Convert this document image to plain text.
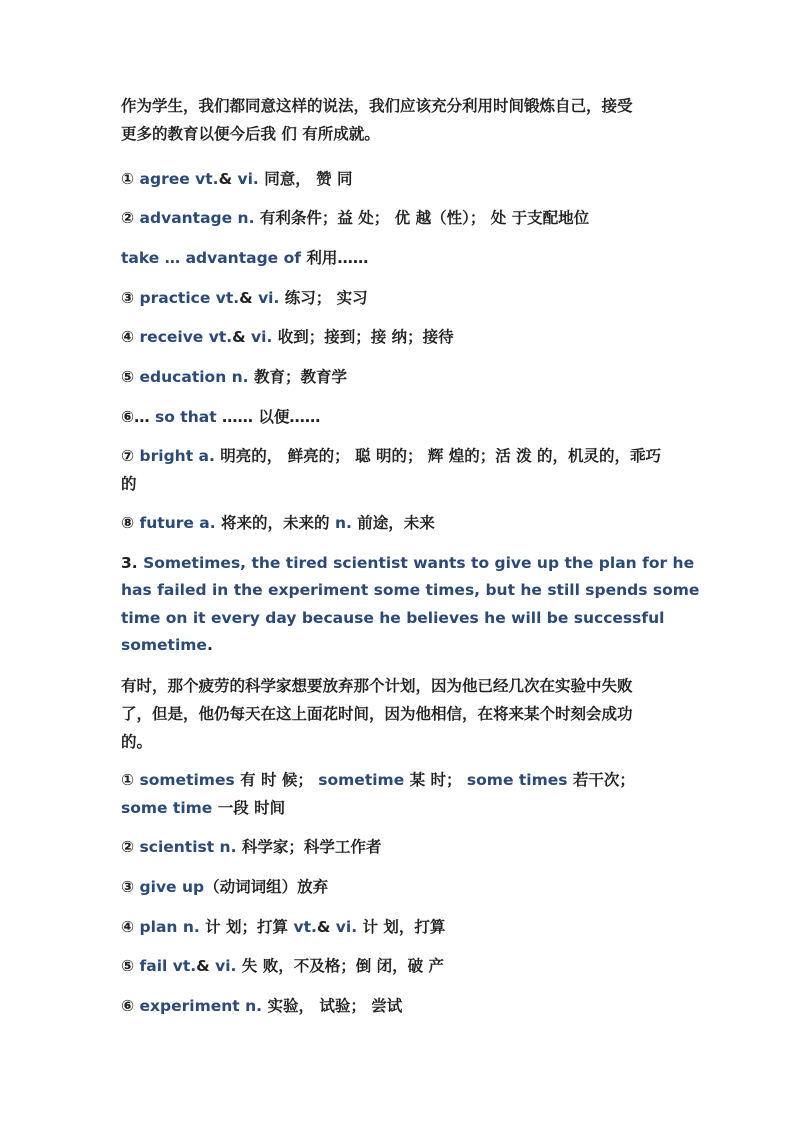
作为学生，我们都同意这样的说法，我们应该充分利用时间锻炼自己，接受
更多的教育以便今后我 们 有所成就。
① agree vt.& vi. 同意， 赞 同
② advantage n. 有利条件；益 处； 优 越（性）； 处 于支配地位
take … advantage of 利用……
③ practice vt.& vi. 练习； 实习
④ receive vt.& vi. 收到；接到；接 纳；接待
⑤ education n. 教育；教育学
⑥… so that …… 以便……
⑦ bright a. 明亮的， 鲜亮的； 聪 明的； 辉 煌的；活 泼 的，机灵的，乖巧
的
⑧ future a. 将来的，未来的 n. 前途，未来
3. Sometimes, the tired scientist wants to give up the plan for he
has failed in the experiment some times, but he still spends some
time on it every day because he believes he will be successful
sometime.
有时，那个疲劳的科学家想要放弃那个计划，因为他已经几次在实验中失败
了，但是，他仍每天在这上面花时间，因为他相信，在将来某个时刻会成功
的。
① sometimes 有 时 候； sometime 某 时； some times 若干次；
some time 一段 时间
② scientist n. 科学家；科学工作者
③ give up（动词词组）放弃
④ plan n. 计 划；打算 vt.& vi. 计 划，打算
⑤ fail vt.& vi. 失 败，不及格；倒 闭，破 产
⑥ experiment n. 实验， 试验； 尝试
